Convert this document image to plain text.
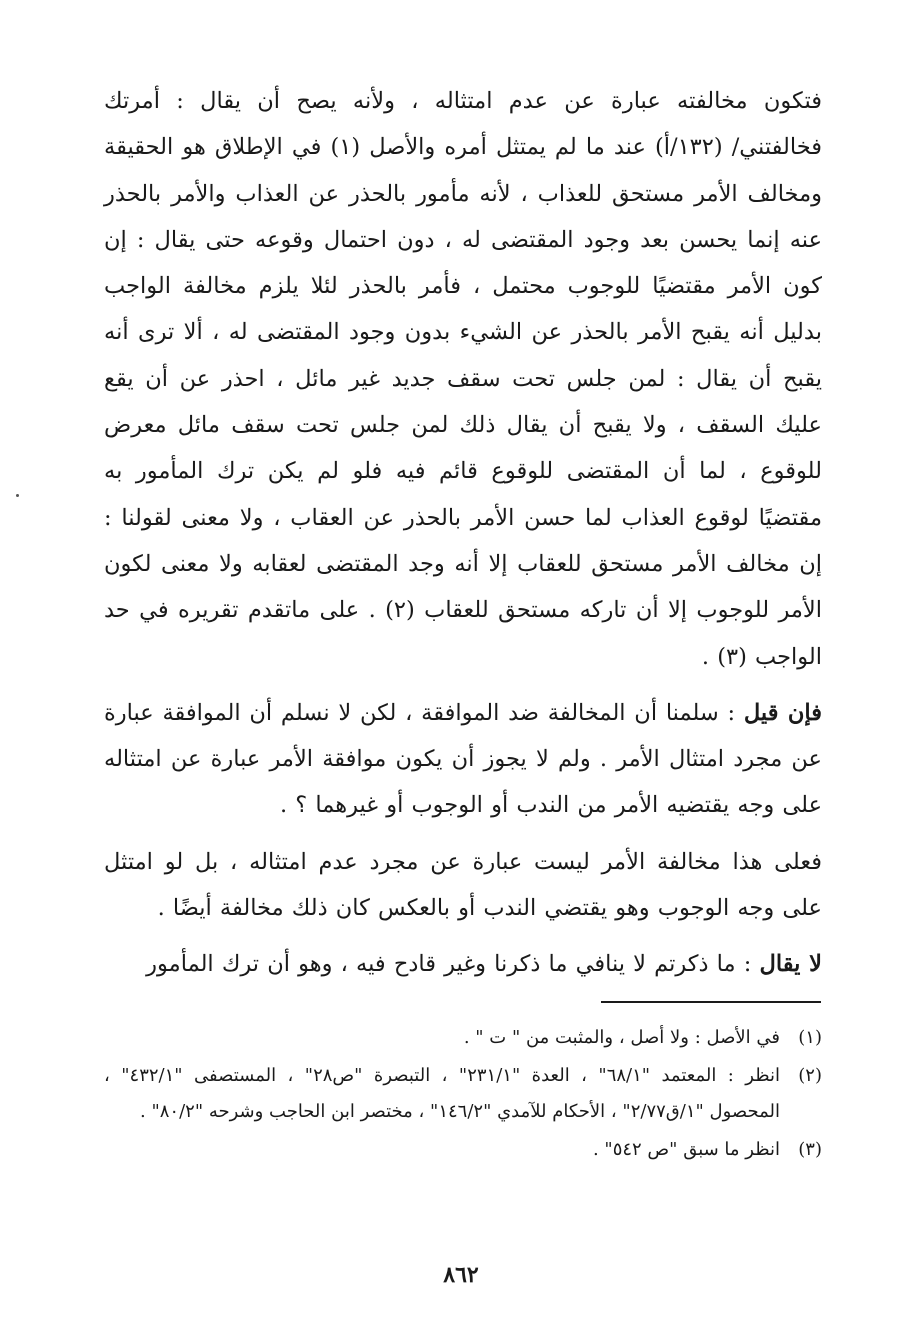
فتكون مخالفته عبارة عن عدم امتثاله ، ولأنه يصح أن يقال : أمرتك فخالفتني/ (١٣٢/أ) عند ما لم يمتثل أمره والأصل (١) في الإطلاق هو الحقيقة ومخالف الأمر مستحق للعذاب ، لأنه مأمور بالحذر عن العذاب والأمر بالحذر عنه إنما يحسن بعد وجود المقتضى له ، دون احتمال وقوعه حتى يقال : إن كون الأمر مقتضيًا للوجوب محتمل ، فأمر بالحذر لئلا يلزم مخالفة الواجب بدليل أنه يقبح الأمر بالحذر عن الشيء بدون وجود المقتضى له ، ألا ترى أنه يقبح أن يقال : لمن جلس تحت سقف جديد غير مائل ، احذر عن أن يقع عليك السقف ، ولا يقبح أن يقال ذلك لمن جلس تحت سقف مائل معرض للوقوع ، لما أن المقتضى للوقوع قائم فيه فلو لم يكن ترك المأمور به مقتضيًا لوقوع العذاب لما حسن الأمر بالحذر عن العقاب ، ولا معنى لقولنا : إن مخالف الأمر مستحق للعقاب إلا أنه وجد المقتضى لعقابه ولا معنى لكون الأمر للوجوب إلا أن تاركه مستحق للعقاب (٢) . على ماتقدم تقريره في حد الواجب (٣) .

فإن قيل : سلمنا أن المخالفة ضد الموافقة ، لكن لا نسلم أن الموافقة عبارة عن مجرد امتثال الأمر . ولم لا يجوز أن يكون موافقة الأمر عبارة عن امتثاله على وجه يقتضيه الأمر من الندب أو الوجوب أو غيرهما ؟ .

فعلى هذا مخالفة الأمر ليست عبارة عن مجرد عدم امتثاله ، بل لو امتثل على وجه الوجوب وهو يقتضي الندب أو بالعكس كان ذلك مخالفة أيضًا .

لا يقال : ما ذكرتم لا ينافي ما ذكرنا وغير قادح فيه ، وهو أن ترك المأمور

(١)
في الأصل : ولا أصل ، والمثبت من " ت " .
(٢)
انظر : المعتمد "٦٨/١" ، العدة "٢٣١/١" ، التبصرة "ص٢٨" ، المستصفى "٤٣٢/١" ، المحصول "١/ق٢/٧٧" ، الأحكام للآمدي "١٤٦/٢" ، مختصر ابن الحاجب وشرحه "٨٠/٢" .
(٣)
انظر ما سبق "ص ٥٤٢" .
٨٦٢
